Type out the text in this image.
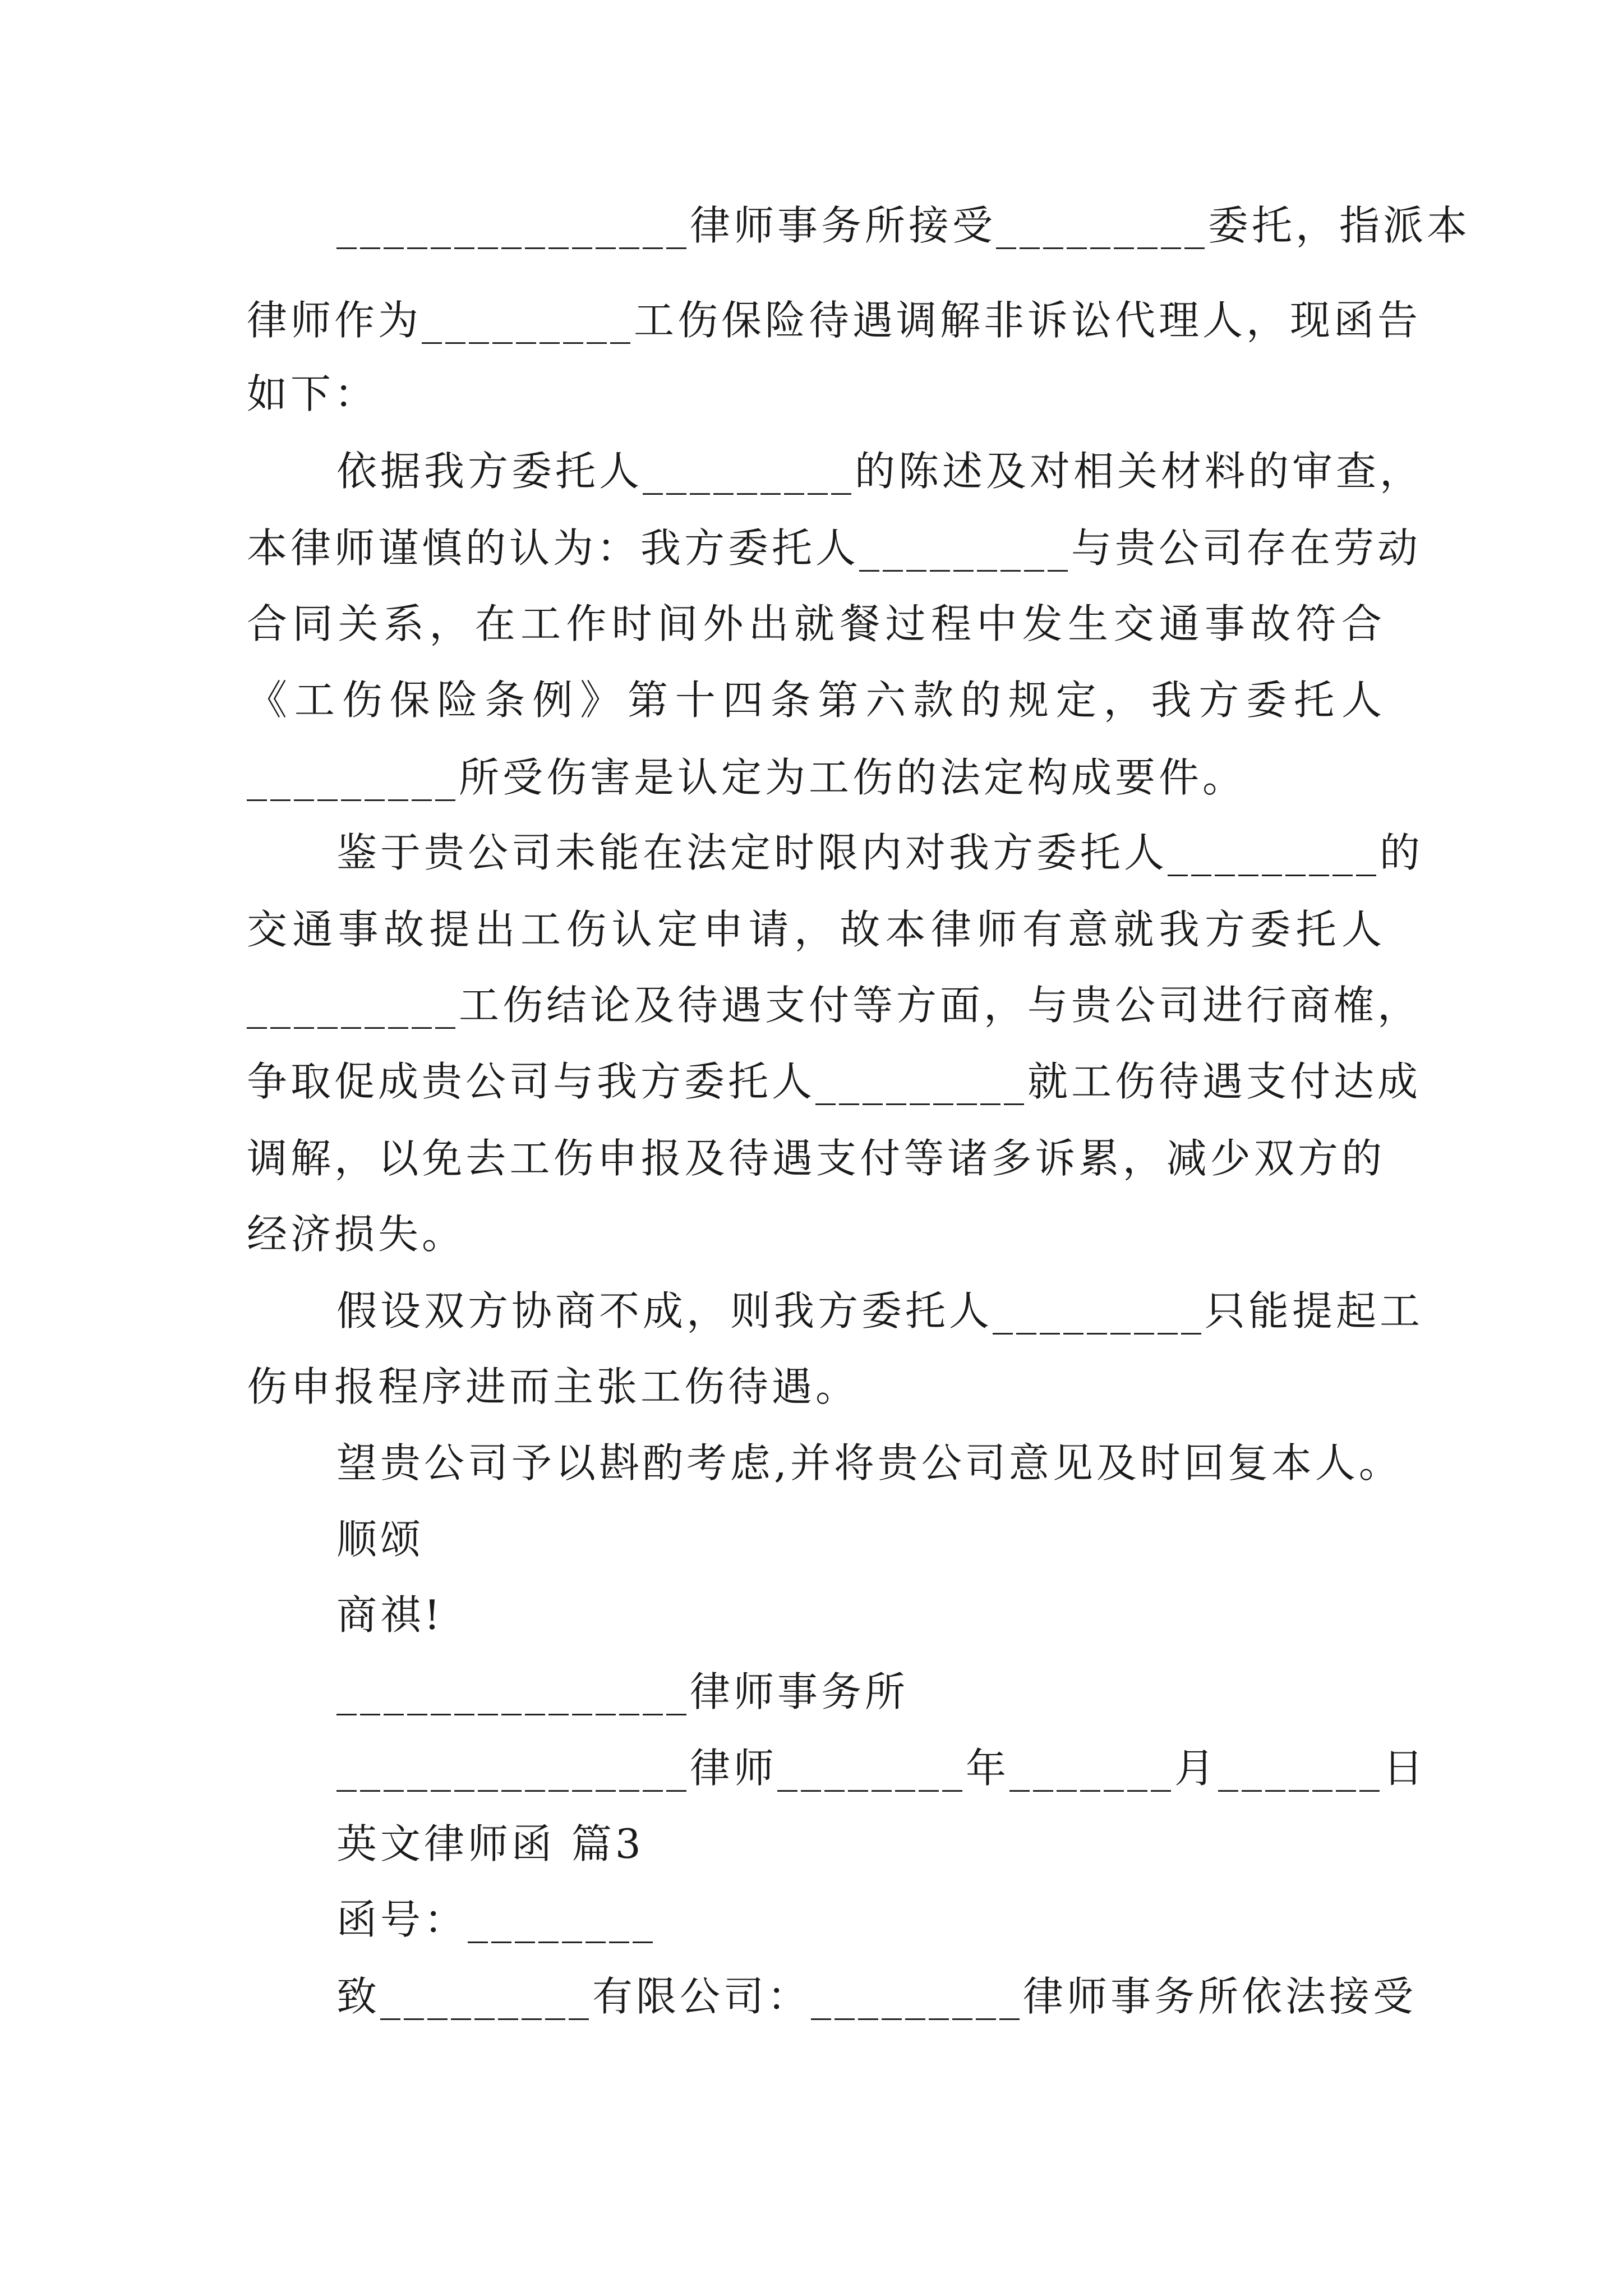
_______________律师事务所接受_________委托，指派本

律师作为_________工伤保险待遇调解非诉讼代理人，现函告

如下：

依据我方委托人_________的陈述及对相关材料的审查，

本律师谨慎的认为：我方委托人_________与贵公司存在劳动

合同关系，在工作时间外出就餐过程中发生交通事故符合

《工伤保险条例》第十四条第六款的规定，我方委托人

_________所受伤害是认定为工伤的法定构成要件。

鉴于贵公司未能在法定时限内对我方委托人_________的

交通事故提出工伤认定申请，故本律师有意就我方委托人

_________工伤结论及待遇支付等方面，与贵公司进行商榷，

争取促成贵公司与我方委托人_________就工伤待遇支付达成

调解，以免去工伤申报及待遇支付等诸多诉累，减少双方的

经济损失。

假设双方协商不成，则我方委托人_________只能提起工

伤申报程序进而主张工伤待遇。

望贵公司予以斟酌考虑,并将贵公司意见及时回复本人。

顺颂

商祺!

_______________律师事务所

_______________律师________年_______月_______日

英文律师函 篇3

函号：________

致_________有限公司：_________律师事务所依法接受
